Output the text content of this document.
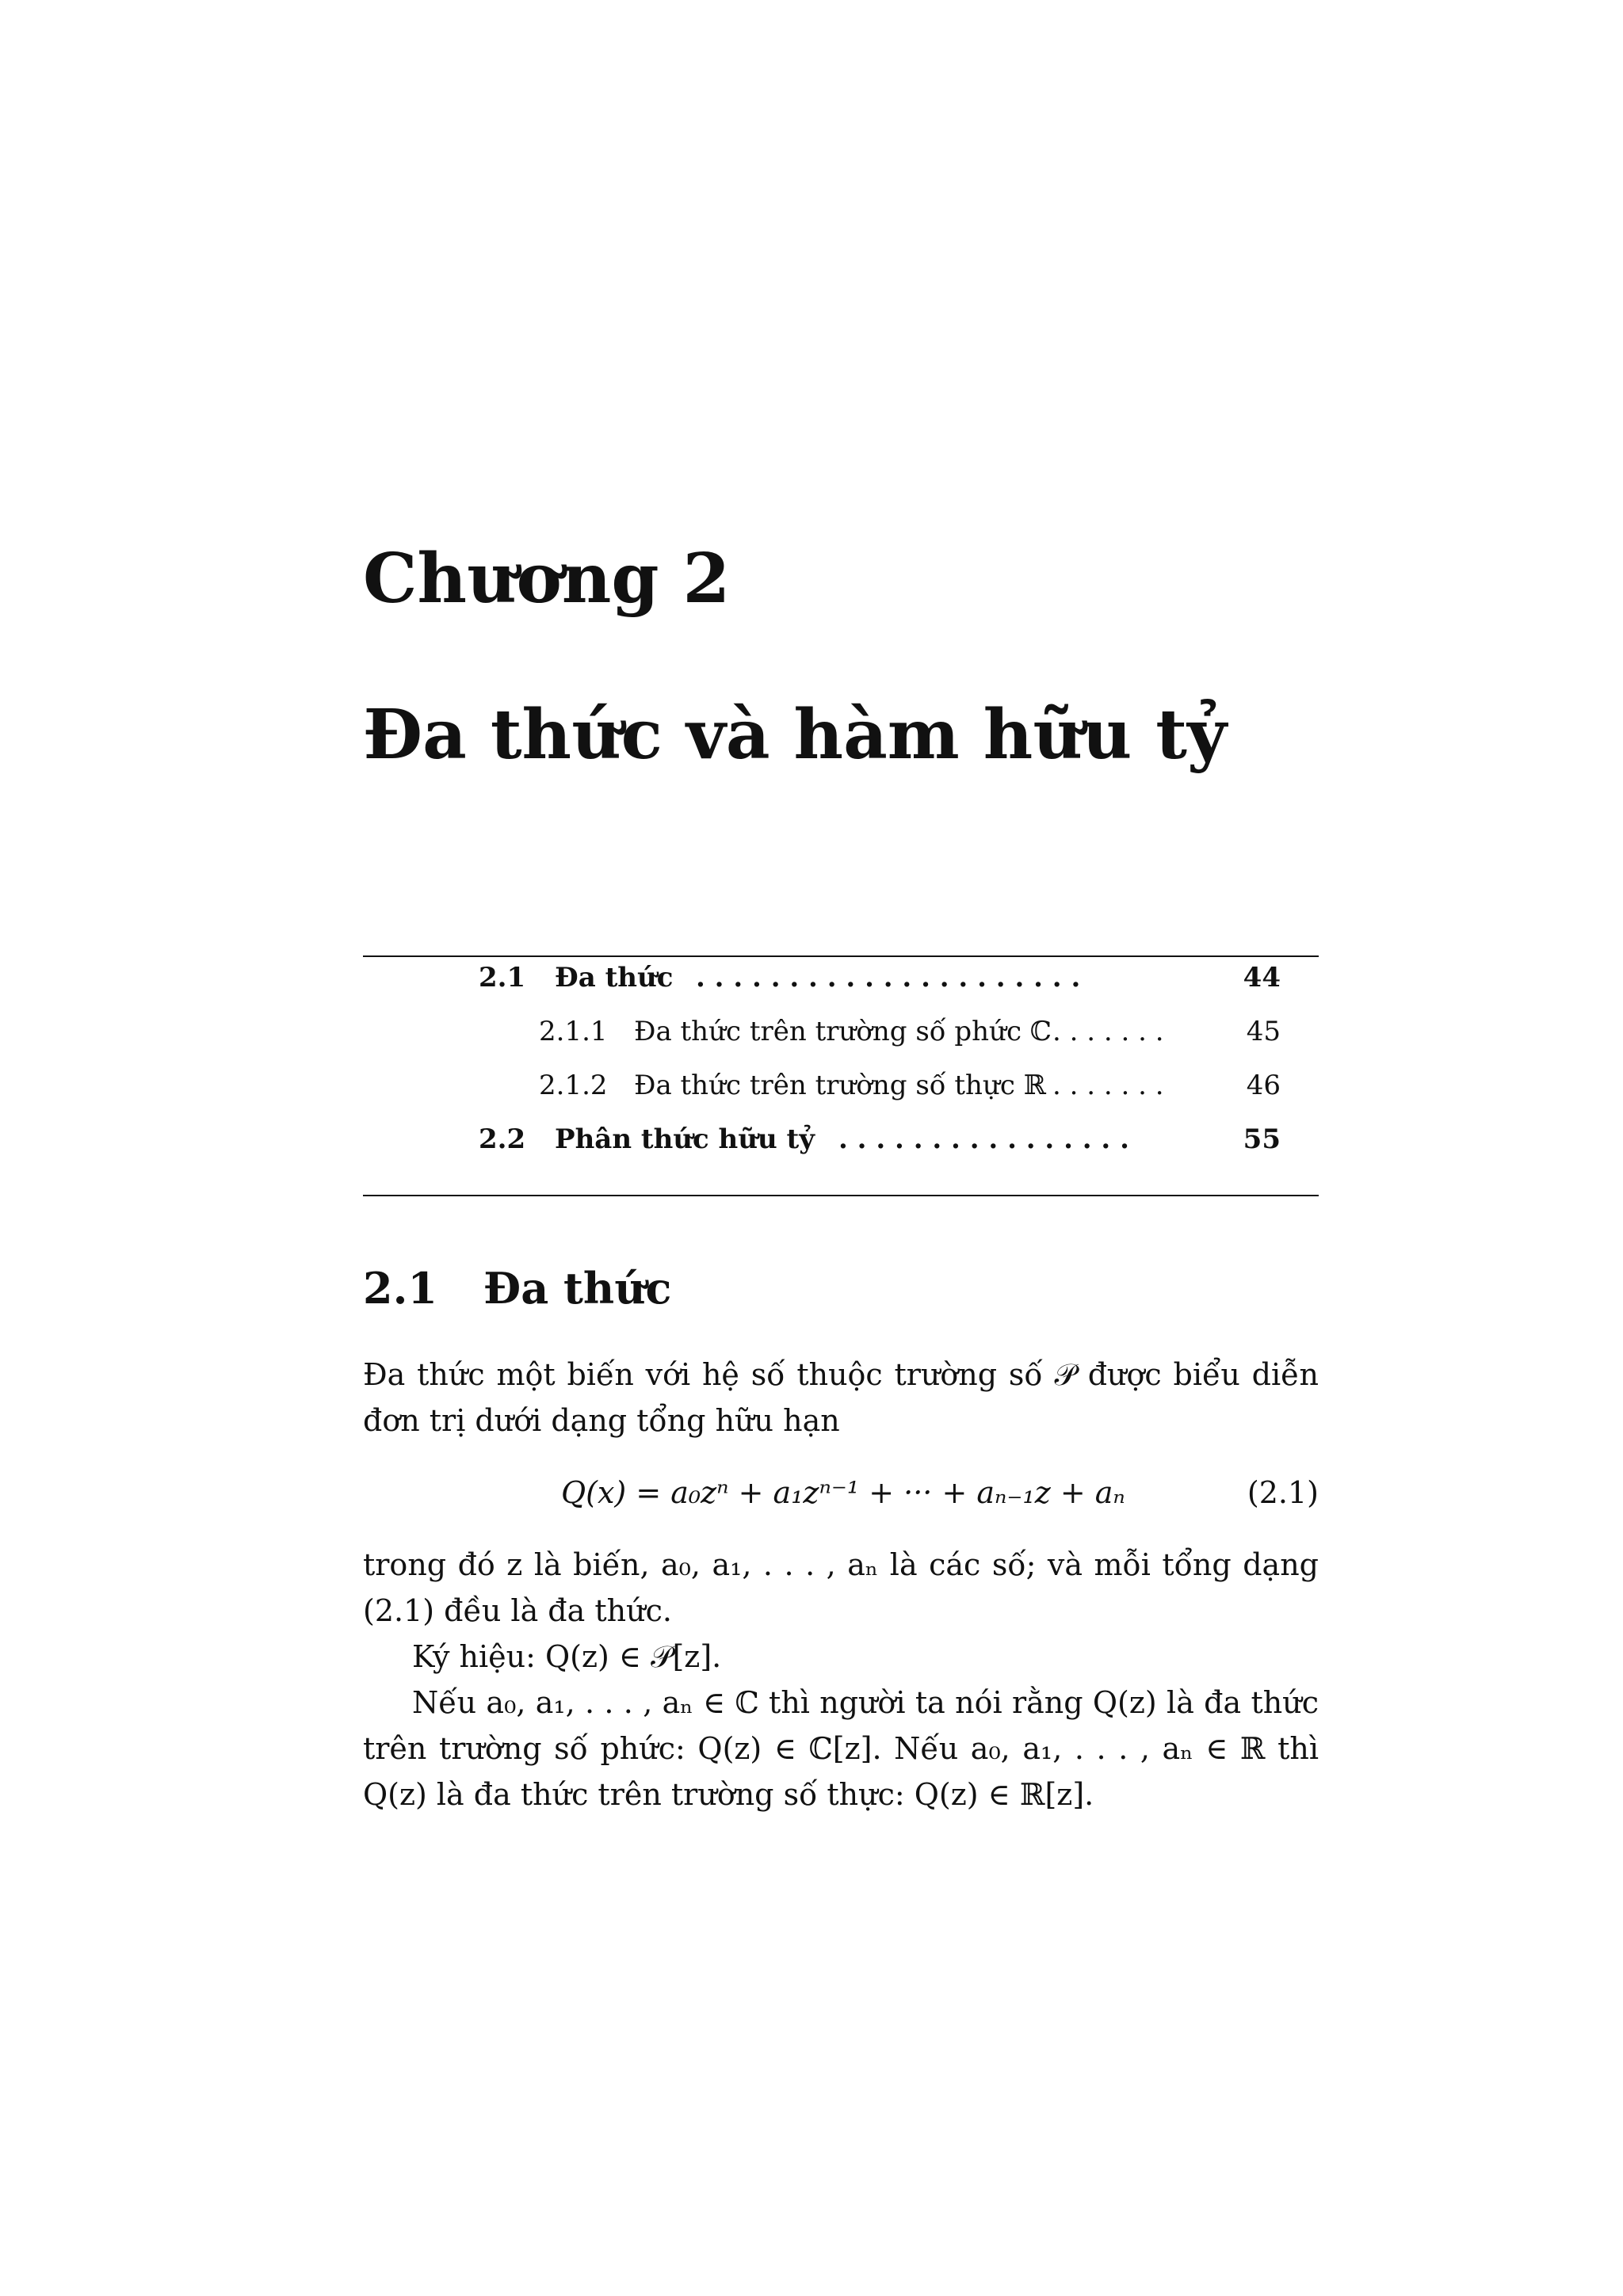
Chương 2
Đa thức và hàm hữu tỷ
2.1 Đa thức . . . . . . . . . . . . . . . . . . . . .	44
2.1.1 Đa thức trên trường số phức ℂ . . . . . . .	45
2.1.2 Đa thức trên trường số thực ℝ . . . . . . .	46
2.2 Phân thức hữu tỷ . . . . . . . . . . . . . . . .	55
2.1 Đa thức
Đa thức một biến với hệ số thuộc trường số 𝒫 được biểu diễn đơn trị dưới dạng tổng hữu hạn
Q(x) = a₀zⁿ + a₁zⁿ⁻¹ + ··· + aₙ₋₁z + aₙ	(2.1)
trong đó z là biến, a₀, a₁, . . . , aₙ là các số; và mỗi tổng dạng (2.1) đều là đa thức.
Ký hiệu: Q(z) ∈ 𝒫[z].
Nếu a₀, a₁, . . . , aₙ ∈ ℂ thì người ta nói rằng Q(z) là đa thức trên trường số phức: Q(z) ∈ ℂ[z]. Nếu a₀, a₁, . . . , aₙ ∈ ℝ thì Q(z) là đa thức trên trường số thực: Q(z) ∈ ℝ[z].
